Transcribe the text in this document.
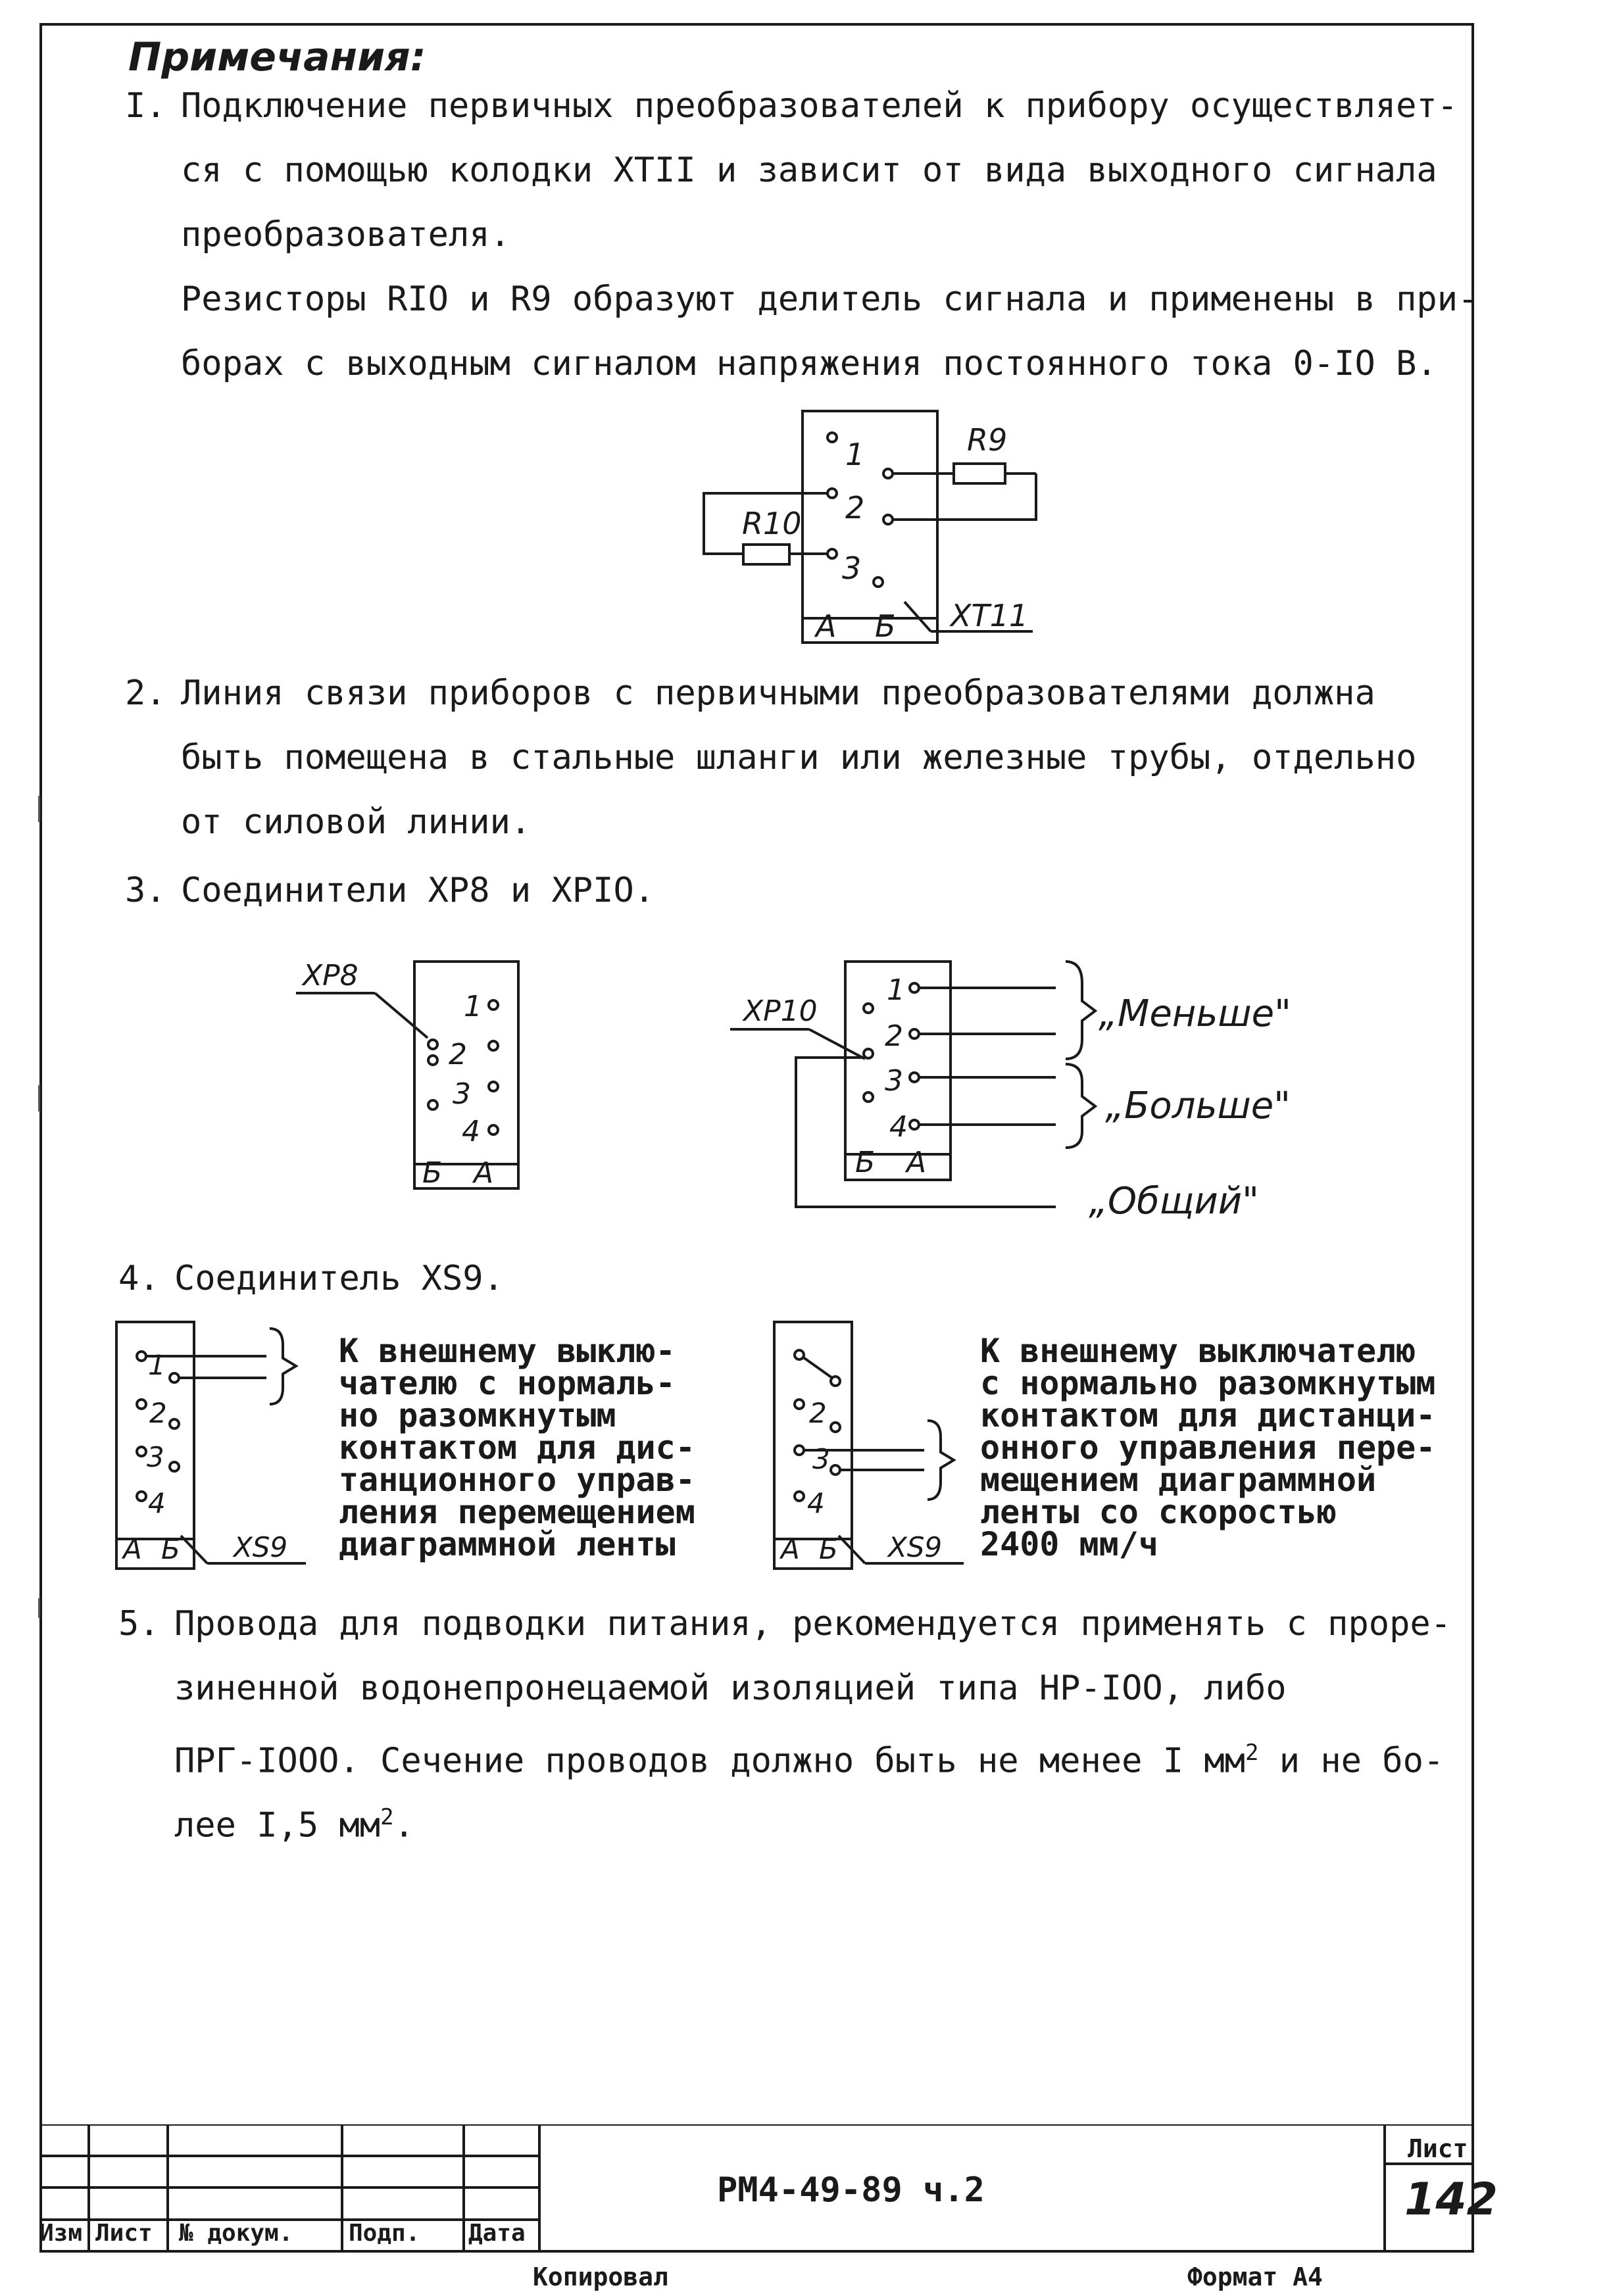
Примечания:
I. Подключение первичных преобразователей к прибору осуществляет-
ся с помощью колодки XTII и зависит от вида выходного сигнала
преобразователя.
Резисторы RIO и R9 образуют делитель сигнала и применены в при-
борах с выходным сигналом напряжения постоянного тока 0-IO В.
1
2
3
R9
R10
А Б XT11
2. Линия связи приборов с первичными преобразователями должна
быть помещена в стальные шланги или железные трубы, отдельно
от силовой линии.
3. Соединители XP8 и XPIO.
XP8
1
2
3
4
Б А
XP10
1
2
3
4
Б А
„Меньше"
„Больше"
„Общий"
4. Соединитель XS9.
1
2
3
4
А Б XS9
К внешнему выклю-
чателю с нормаль-
но разомкнутым
контактом для дис-
танционного управ-
ления перемещением
диаграммной ленты
2
3
4
А Б XS9
К внешнему выключателю
с нормально разомкнутым
контактом для дистанци-
онного управления пере-
мещением диаграммной
ленты со скоростью
2400 мм/ч
5. Провода для подводки питания, рекомендуется применять с проре-
зиненной водонепронецаемой изоляцией типа НР-IOO, либо
ПРГ-IOOO. Сечение проводов должно быть не менее I $мм^2$ и не бо-
лее I,5 $мм^2$.
Изм Лист № докум. Подп. Дата
РМ4-49-89 ч.2
Лист
142
Копировал	Формат А4
